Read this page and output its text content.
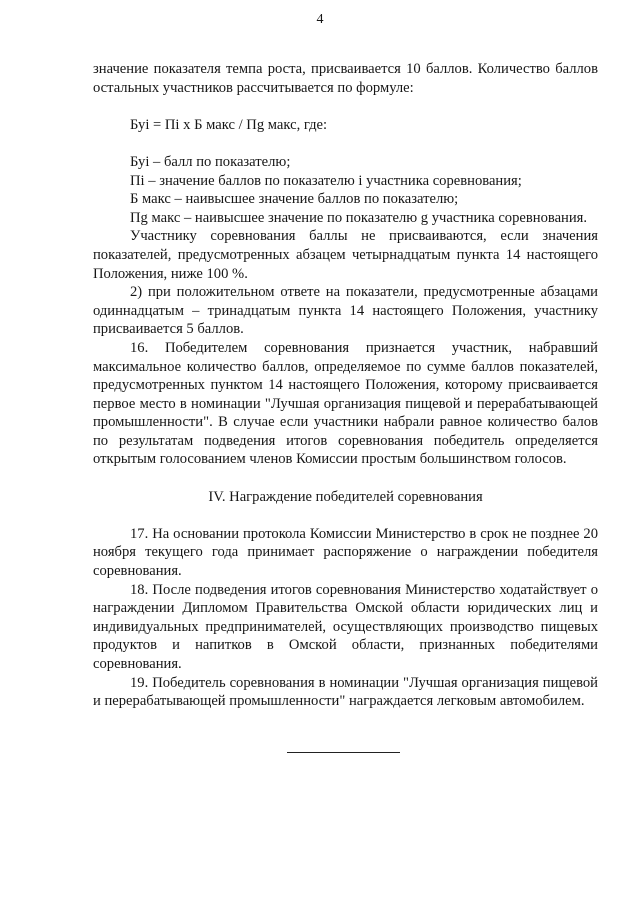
4

значение показателя темпа роста, присваивается 10 баллов. Количество баллов остальных участников рассчитывается по формуле:

Буi = Пi х Б макс / Пg макс, где:

Буi – балл по показателю;

Пi – значение баллов по показателю i участника соревнования;

Б макс – наивысшее значение баллов по показателю;

Пg макс – наивысшее значение по показателю g участника соревнования.

Участнику соревнования баллы не присваиваются, если значения показателей, предусмотренных абзацем четырнадцатым пункта 14 настоящего Положения, ниже 100 %.

2) при положительном ответе на показатели, предусмотренные абзацами одиннадцатым – тринадцатым пункта 14 настоящего Положения, участнику присваивается 5 баллов.

16. Победителем соревнования признается участник, набравший максимальное количество баллов, определяемое по сумме баллов показателей, предусмотренных пунктом 14 настоящего Положения, которому присваивается первое место в номинации "Лучшая организация пищевой и перерабатывающей промышленности". В случае если участники набрали равное количество балов по результатам подведения итогов соревнования победитель определяется открытым голосованием членов Комиссии простым большинством голосов.

IV. Награждение победителей соревнования

17. На основании протокола Комиссии Министерство в срок не позднее 20 ноября текущего года принимает распоряжение о награждении победителя соревнования.

18. После подведения итогов соревнования Министерство ходатайствует о награждении Дипломом Правительства Омской области юридических лиц и индивидуальных предпринимателей, осуществляющих производство пищевых продуктов и напитков в Омской области, признанных победителями соревнования.

19. Победитель соревнования в номинации "Лучшая организация пищевой и перерабатывающей промышленности" награждается легковым автомобилем.
